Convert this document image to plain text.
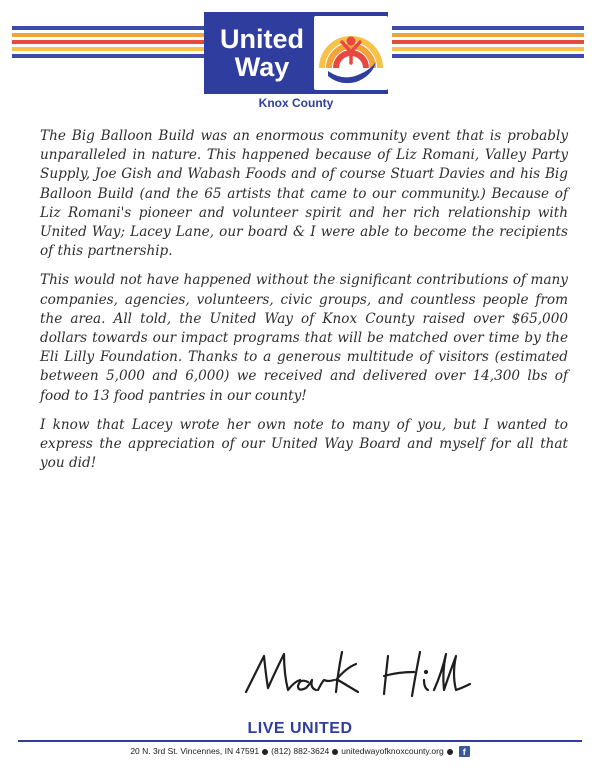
United
Way
Knox County

The Big Balloon Build was an enormous community event that is probably unparalleled in nature. This happened because of Liz Romani, Valley Party Supply, Joe Gish and Wabash Foods and of course Stuart Davies and his Big Balloon Build (and the 65 artists that came to our community.) Because of Liz Romani's pioneer and volunteer spirit and her rich relationship with United Way; Lacey Lane, our board & I were able to become the recipients of this partnership.

This would not have happened without the significant contributions of many companies, agencies, volunteers, civic groups, and countless people from the area. All told, the United Way of Knox County raised over $65,000 dollars towards our impact programs that will be matched over time by the Eli Lilly Foundation. Thanks to a generous multitude of visitors (estimated between 5,000 and 6,000) we received and delivered over 14,300 lbs of food to 13 food pantries in our county!

I know that Lacey wrote her own note to many of you, but I wanted to express the appreciation of our United Way Board and myself for all that you did!

LIVE UNITED
20 N. 3rd St. Vincennes, IN 47591 (812) 882-3624 unitedwayofknoxcounty.org f
